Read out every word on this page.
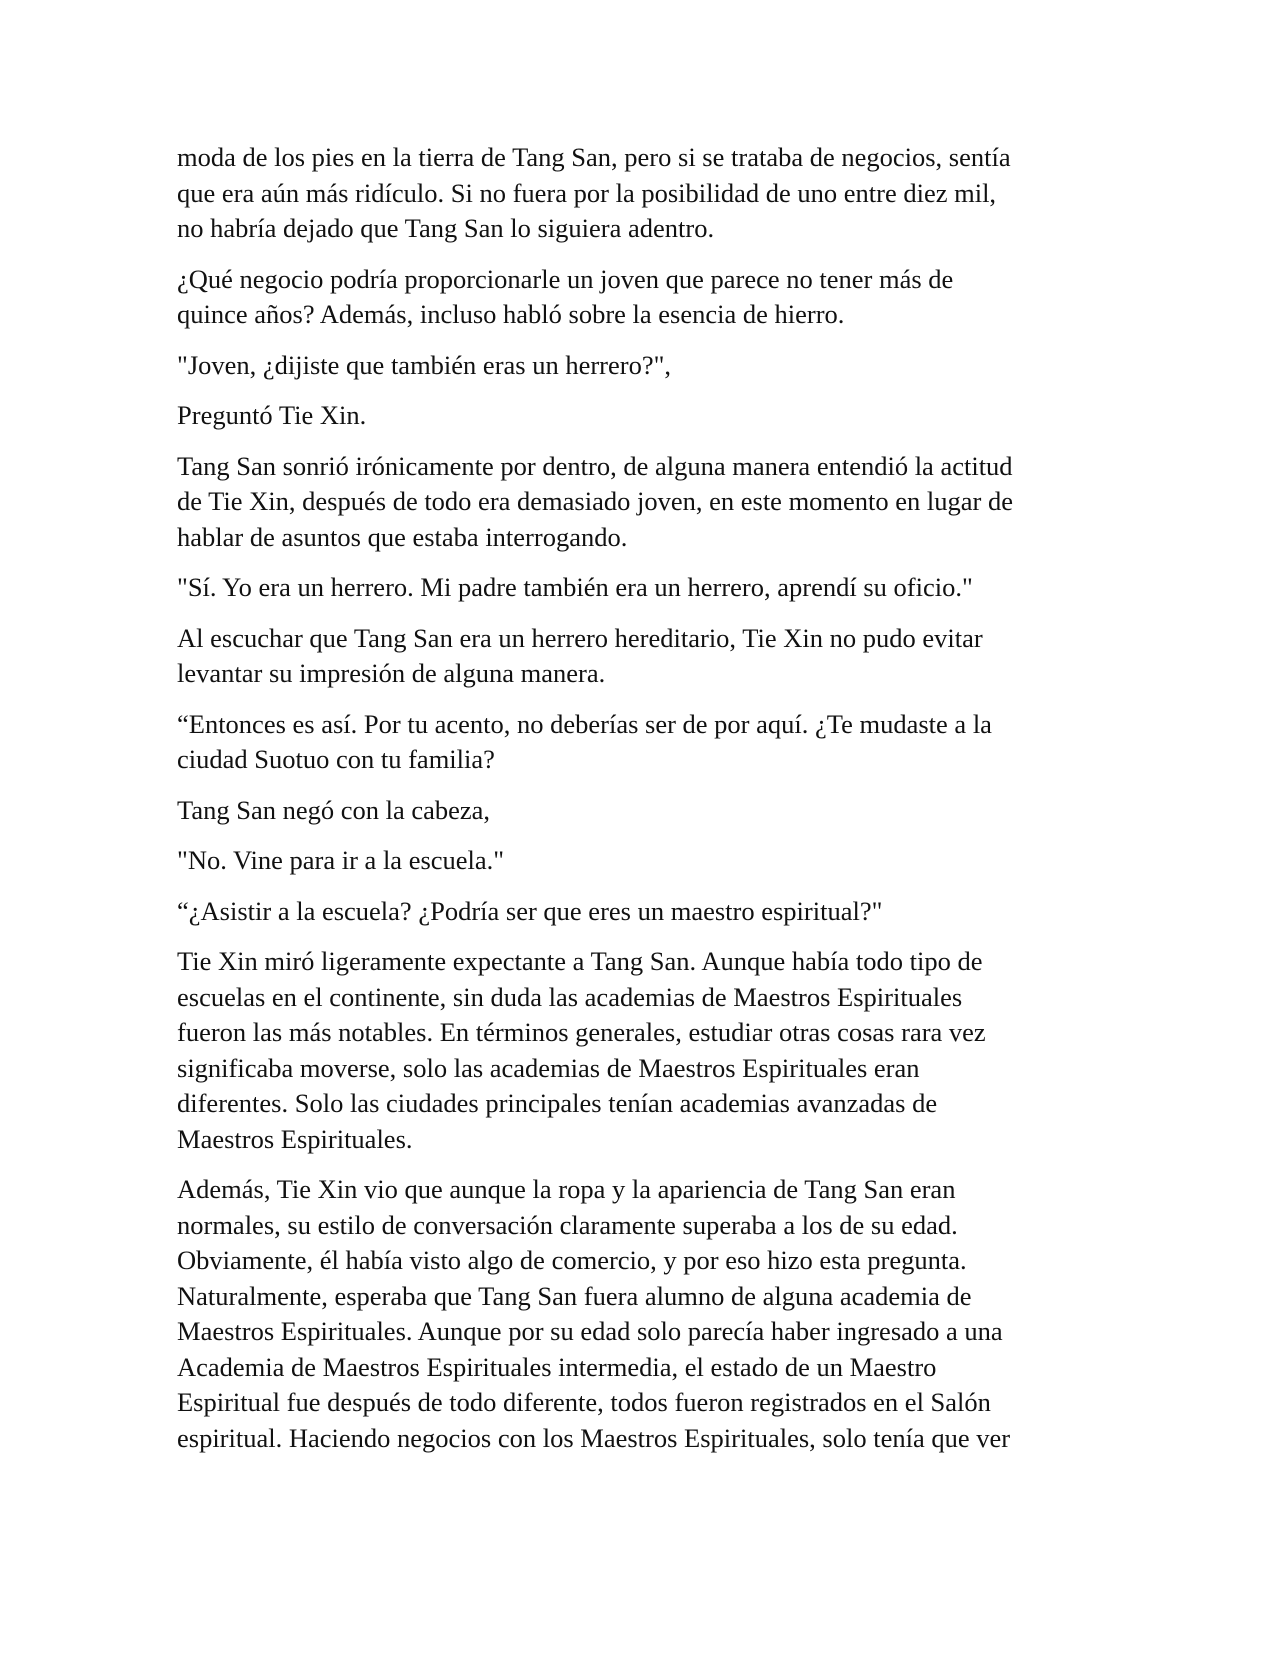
moda de los pies en la tierra de Tang San, pero si se trataba de negocios, sentía
que era aún más ridículo. Si no fuera por la posibilidad de uno entre diez mil,
no habría dejado que Tang San lo siguiera adentro.

¿Qué negocio podría proporcionarle un joven que parece no tener más de
quince años? Además, incluso habló sobre la esencia de hierro.

"Joven, ¿dijiste que también eras un herrero?",

Preguntó Tie Xin.

Tang San sonrió irónicamente por dentro, de alguna manera entendió la actitud
de Tie Xin, después de todo era demasiado joven, en este momento en lugar de
hablar de asuntos que estaba interrogando.

"Sí. Yo era un herrero. Mi padre también era un herrero, aprendí su oficio."

Al escuchar que Tang San era un herrero hereditario, Tie Xin no pudo evitar
levantar su impresión de alguna manera.

“Entonces es así. Por tu acento, no deberías ser de por aquí. ¿Te mudaste a la
ciudad Suotuo con tu familia?

Tang San negó con la cabeza,

"No. Vine para ir a la escuela."

“¿Asistir a la escuela? ¿Podría ser que eres un maestro espiritual?"

Tie Xin miró ligeramente expectante a Tang San. Aunque había todo tipo de
escuelas en el continente, sin duda las academias de Maestros Espirituales
fueron las más notables. En términos generales, estudiar otras cosas rara vez
significaba moverse, solo las academias de Maestros Espirituales eran
diferentes. Solo las ciudades principales tenían academias avanzadas de
Maestros Espirituales.

Además, Tie Xin vio que aunque la ropa y la apariencia de Tang San eran
normales, su estilo de conversación claramente superaba a los de su edad.
Obviamente, él había visto algo de comercio, y por eso hizo esta pregunta.
Naturalmente, esperaba que Tang San fuera alumno de alguna academia de
Maestros Espirituales. Aunque por su edad solo parecía haber ingresado a una
Academia de Maestros Espirituales intermedia, el estado de un Maestro
Espiritual fue después de todo diferente, todos fueron registrados en el Salón
espiritual. Haciendo negocios con los Maestros Espirituales, solo tenía que ver
